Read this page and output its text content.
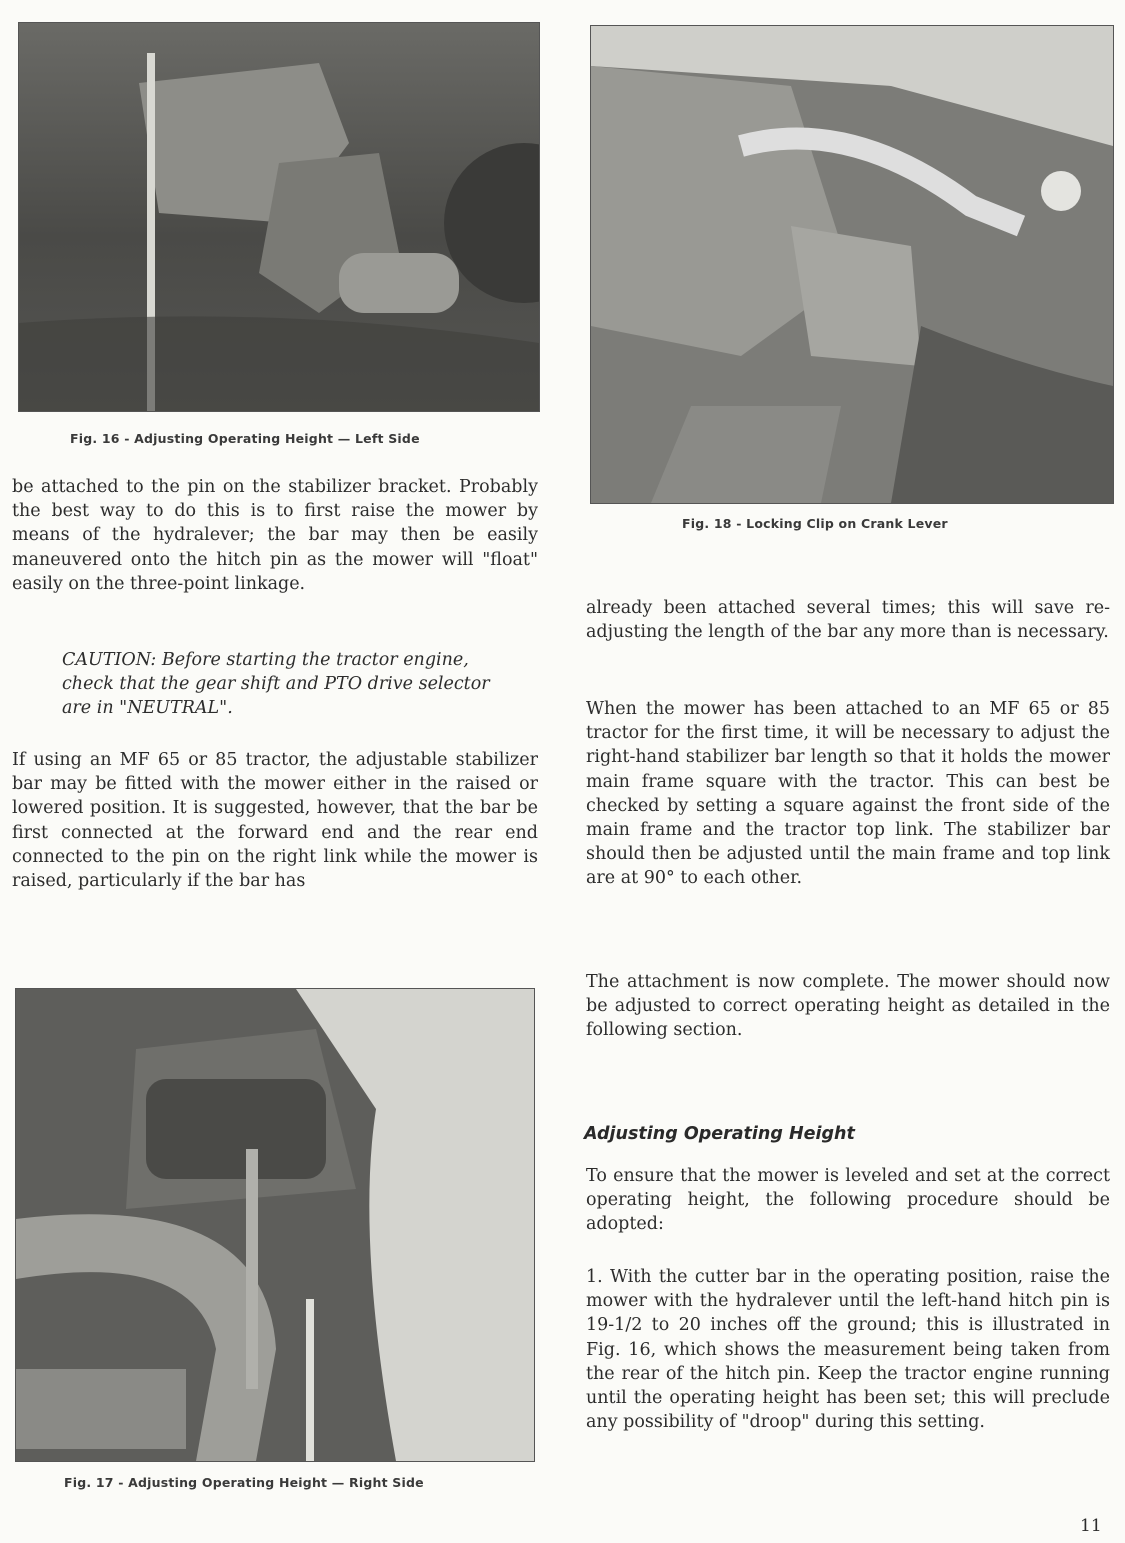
Fig. 16 - Adjusting Operating Height — Left Side
Fig. 18 - Locking Clip on Crank Lever

be attached to the pin on the stabilizer bracket. Probably the best way to do this is to first raise the mower by means of the hydralever; the bar may then be easily maneuvered onto the hitch pin as the mower will "float" easily on the three-point linkage.

CAUTION: Before starting the tractor engine, check that the gear shift and PTO drive selector are in "NEUTRAL".

If using an MF 65 or 85 tractor, the adjustable stabilizer bar may be fitted with the mower either in the raised or lowered position. It is suggested, however, that the bar be first connected at the forward end and the rear end connected to the pin on the right link while the mower is raised, particularly if the bar has

Fig. 17 - Adjusting Operating Height — Right Side

already been attached several times; this will save re-adjusting the length of the bar any more than is necessary.

When the mower has been attached to an MF 65 or 85 tractor for the first time, it will be necessary to adjust the right-hand stabilizer bar length so that it holds the mower main frame square with the tractor. This can best be checked by setting a square against the front side of the main frame and the tractor top link. The stabilizer bar should then be adjusted until the main frame and top link are at 90° to each other.

The attachment is now complete. The mower should now be adjusted to correct operating height as detailed in the following section.

Adjusting Operating Height

To ensure that the mower is leveled and set at the correct operating height, the following procedure should be adopted:

1. With the cutter bar in the operating position, raise the mower with the hydralever until the left-hand hitch pin is 19-1/2 to 20 inches off the ground; this is illustrated in Fig. 16, which shows the measurement being taken from the rear of the hitch pin. Keep the tractor engine running until the operating height has been set; this will preclude any possibility of "droop" during this setting.

11
